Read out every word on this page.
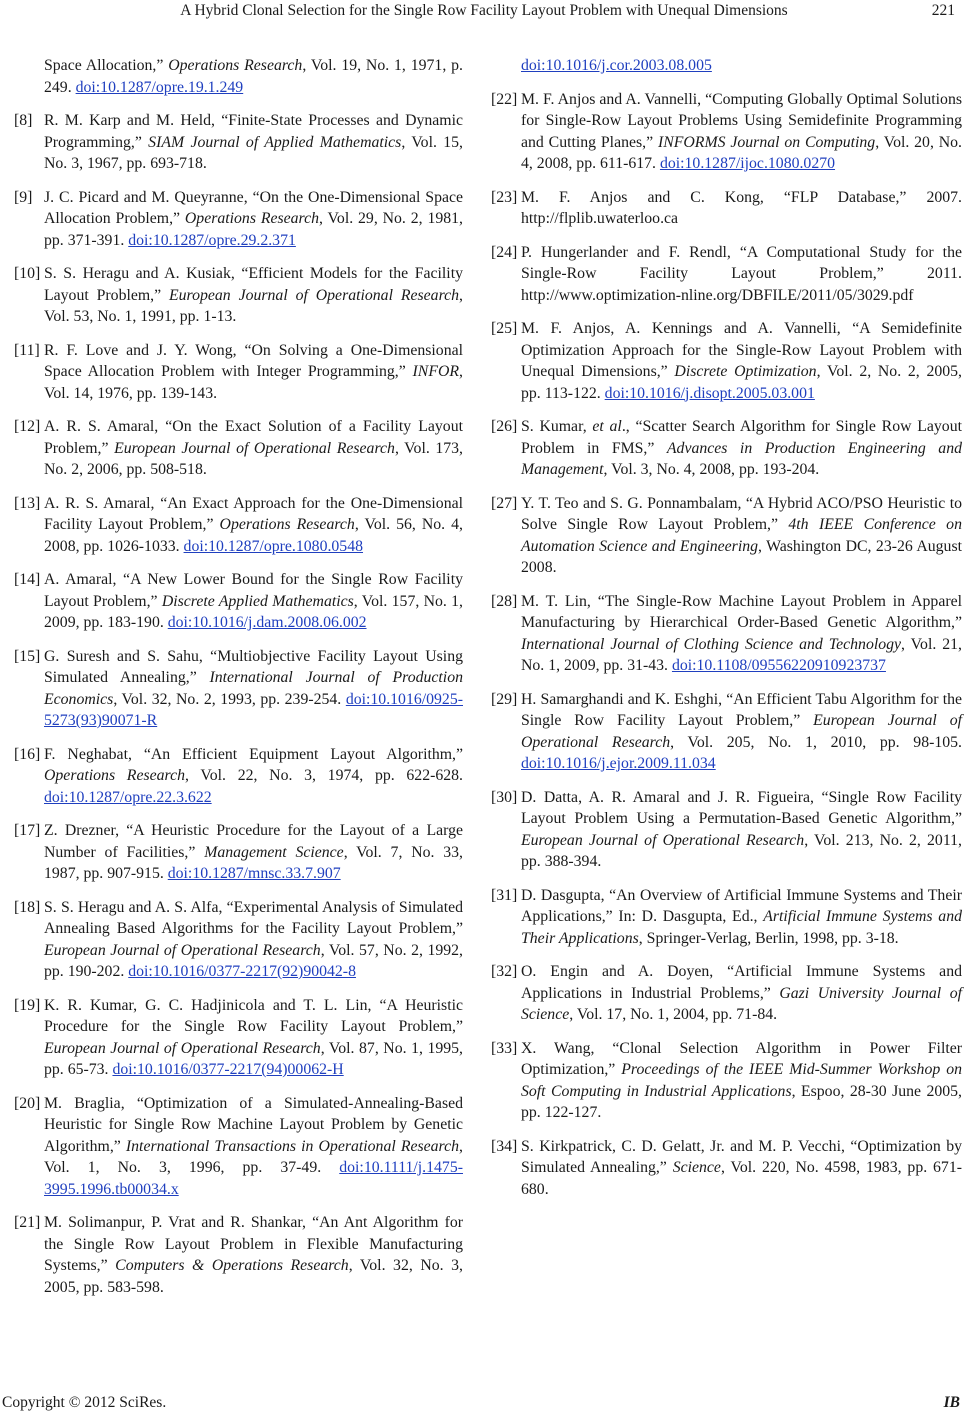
A Hybrid Clonal Selection for the Single Row Facility Layout Problem with Unequal Dimensions	221
Space Allocation,” Operations Research, Vol. 19, No. 1, 1971, p. 249. doi:10.1287/opre.19.1.249
[8] R. M. Karp and M. Held, “Finite-State Processes and Dynamic Programming,” SIAM Journal of Applied Mathematics, Vol. 15, No. 3, 1967, pp. 693-718.
[9] J. C. Picard and M. Queyranne, “On the One-Dimensional Space Allocation Problem,” Operations Research, Vol. 29, No. 2, 1981, pp. 371-391. doi:10.1287/opre.29.2.371
[10] S. S. Heragu and A. Kusiak, “Efficient Models for the Facility Layout Problem,” European Journal of Operational Research, Vol. 53, No. 1, 1991, pp. 1-13.
[11] R. F. Love and J. Y. Wong, “On Solving a One-Dimensional Space Allocation Problem with Integer Programming,” INFOR, Vol. 14, 1976, pp. 139-143.
[12] A. R. S. Amaral, “On the Exact Solution of a Facility Layout Problem,” European Journal of Operational Research, Vol. 173, No. 2, 2006, pp. 508-518.
[13] A. R. S. Amaral, “An Exact Approach for the One-Dimensional Facility Layout Problem,” Operations Research, Vol. 56, No. 4, 2008, pp. 1026-1033. doi:10.1287/opre.1080.0548
[14] A. Amaral, “A New Lower Bound for the Single Row Facility Layout Problem,” Discrete Applied Mathematics, Vol. 157, No. 1, 2009, pp. 183-190. doi:10.1016/j.dam.2008.06.002
[15] G. Suresh and S. Sahu, “Multiobjective Facility Layout Using Simulated Annealing,” International Journal of Production Economics, Vol. 32, No. 2, 1993, pp. 239-254. doi:10.1016/0925-5273(93)90071-R
[16] F. Neghabat, “An Efficient Equipment Layout Algorithm,” Operations Research, Vol. 22, No. 3, 1974, pp. 622-628. doi:10.1287/opre.22.3.622
[17] Z. Drezner, “A Heuristic Procedure for the Layout of a Large Number of Facilities,” Management Science, Vol. 7, No. 33, 1987, pp. 907-915. doi:10.1287/mnsc.33.7.907
[18] S. S. Heragu and A. S. Alfa, “Experimental Analysis of Simulated Annealing Based Algorithms for the Facility Layout Problem,” European Journal of Operational Research, Vol. 57, No. 2, 1992, pp. 190-202. doi:10.1016/0377-2217(92)90042-8
[19] K. R. Kumar, G. C. Hadjinicola and T. L. Lin, “A Heuristic Procedure for the Single Row Facility Layout Problem,” European Journal of Operational Research, Vol. 87, No. 1, 1995, pp. 65-73. doi:10.1016/0377-2217(94)00062-H
[20] M. Braglia, “Optimization of a Simulated-Annealing-Based Heuristic for Single Row Machine Layout Problem by Genetic Algorithm,” International Transactions in Operational Research, Vol. 1, No. 3, 1996, pp. 37-49. doi:10.1111/j.1475-3995.1996.tb00034.x
[21] M. Solimanpur, P. Vrat and R. Shankar, “An Ant Algorithm for the Single Row Layout Problem in Flexible Manufacturing Systems,” Computers & Operations Research, Vol. 32, No. 3, 2005, pp. 583-598.
doi:10.1016/j.cor.2003.08.005
[22] M. F. Anjos and A. Vannelli, “Computing Globally Optimal Solutions for Single-Row Layout Problems Using Semidefinite Programming and Cutting Planes,” INFORMS Journal on Computing, Vol. 20, No. 4, 2008, pp. 611-617. doi:10.1287/ijoc.1080.0270
[23] M. F. Anjos and C. Kong, “FLP Database,” 2007. http://flplib.uwaterloo.ca
[24] P. Hungerlander and F. Rendl, “A Computational Study for the Single-Row Facility Layout Problem,” 2011. http://www.optimization-nline.org/DBFILE/2011/05/3029.pdf
[25] M. F. Anjos, A. Kennings and A. Vannelli, “A Semidefinite Optimization Approach for the Single-Row Layout Problem with Unequal Dimensions,” Discrete Optimization, Vol. 2, No. 2, 2005, pp. 113-122. doi:10.1016/j.disopt.2005.03.001
[26] S. Kumar, et al., “Scatter Search Algorithm for Single Row Layout Problem in FMS,” Advances in Production Engineering and Management, Vol. 3, No. 4, 2008, pp. 193-204.
[27] Y. T. Teo and S. G. Ponnambalam, “A Hybrid ACO/PSO Heuristic to Solve Single Row Layout Problem,” 4th IEEE Conference on Automation Science and Engineering, Washington DC, 23-26 August 2008.
[28] M. T. Lin, “The Single-Row Machine Layout Problem in Apparel Manufacturing by Hierarchical Order-Based Genetic Algorithm,” International Journal of Clothing Science and Technology, Vol. 21, No. 1, 2009, pp. 31-43. doi:10.1108/09556220910923737
[29] H. Samarghandi and K. Eshghi, “An Efficient Tabu Algorithm for the Single Row Facility Layout Problem,” European Journal of Operational Research, Vol. 205, No. 1, 2010, pp. 98-105. doi:10.1016/j.ejor.2009.11.034
[30] D. Datta, A. R. Amaral and J. R. Figueira, “Single Row Facility Layout Problem Using a Permutation-Based Genetic Algorithm,” European Journal of Operational Research, Vol. 213, No. 2, 2011, pp. 388-394.
[31] D. Dasgupta, “An Overview of Artificial Immune Systems and Their Applications,” In: D. Dasgupta, Ed., Artificial Immune Systems and Their Applications, Springer-Verlag, Berlin, 1998, pp. 3-18.
[32] O. Engin and A. Doyen, “Artificial Immune Systems and Applications in Industrial Problems,” Gazi University Journal of Science, Vol. 17, No. 1, 2004, pp. 71-84.
[33] X. Wang, “Clonal Selection Algorithm in Power Filter Optimization,” Proceedings of the IEEE Mid-Summer Workshop on Soft Computing in Industrial Applications, Espoo, 28-30 June 2005, pp. 122-127.
[34] S. Kirkpatrick, C. D. Gelatt, Jr. and M. P. Vecchi, “Optimization by Simulated Annealing,” Science, Vol. 220, No. 4598, 1983, pp. 671-680.
Copyright © 2012 SciRes.	IB
